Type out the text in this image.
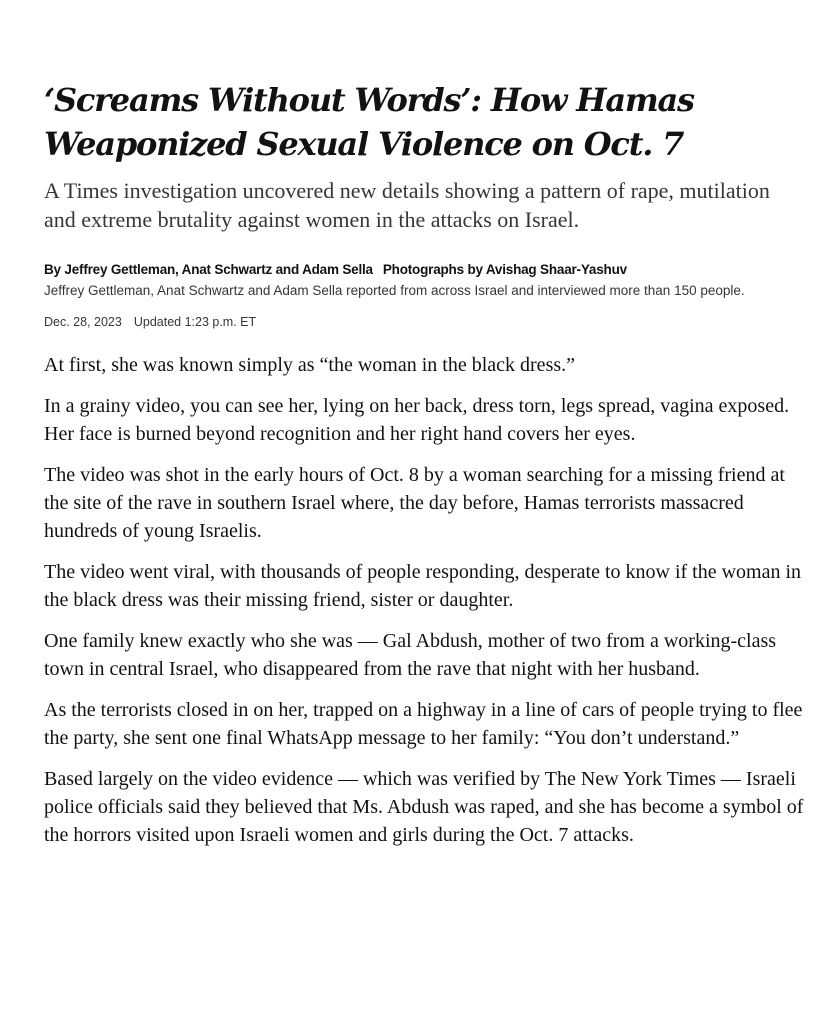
‘Screams Without Words’: How Hamas Weaponized Sexual Violence on Oct. 7

A Times investigation uncovered new details showing a pattern of rape, mutilation and extreme brutality against women in the attacks on Israel.

By Jeffrey Gettleman, Anat Schwartz and Adam Sella Photographs by Avishag Shaar-Yashuv
Jeffrey Gettleman, Anat Schwartz and Adam Sella reported from across Israel and interviewed more than 150 people.
Dec. 28, 2023 Updated 1:23 p.m. ET

At first, she was known simply as “the woman in the black dress.”

In a grainy video, you can see her, lying on her back, dress torn, legs spread, vagina exposed. Her face is burned beyond recognition and her right hand covers her eyes.

The video was shot in the early hours of Oct. 8 by a woman searching for a missing friend at the site of the rave in southern Israel where, the day before, Hamas terrorists massacred hundreds of young Israelis.

The video went viral, with thousands of people responding, desperate to know if the woman in the black dress was their missing friend, sister or daughter.

One family knew exactly who she was — Gal Abdush, mother of two from a working-class town in central Israel, who disappeared from the rave that night with her husband.

As the terrorists closed in on her, trapped on a highway in a line of cars of people trying to flee the party, she sent one final WhatsApp message to her family: “You don’t understand.”

Based largely on the video evidence — which was verified by The New York Times — Israeli police officials said they believed that Ms. Abdush was raped, and she has become a symbol of the horrors visited upon Israeli women and girls during the Oct. 7 attacks.
